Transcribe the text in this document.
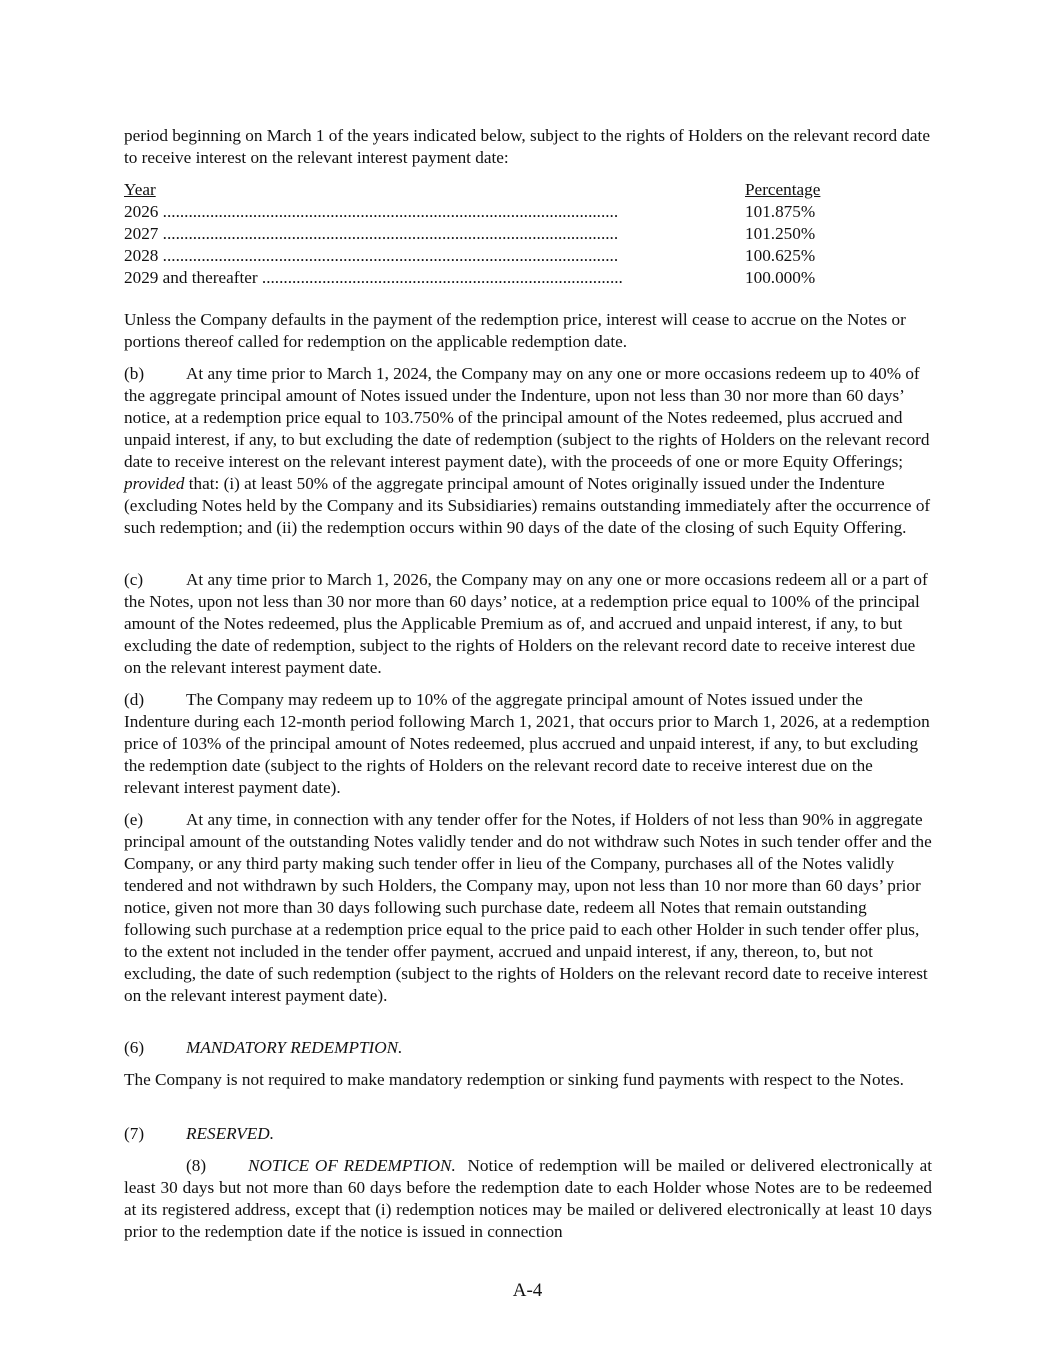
period beginning on March 1 of the years indicated below, subject to the rights of Holders on the relevant record date to receive interest on the relevant interest payment date:

Year	Percentage
2026 ..........................................................................................................	101.875%
2027 ..........................................................................................................	101.250%
2028 ..........................................................................................................	100.625%
2029 and thereafter ....................................................................................	100.000%

Unless the Company defaults in the payment of the redemption price, interest will cease to accrue on the Notes or portions thereof called for redemption on the applicable redemption date.

(b) At any time prior to March 1, 2024, the Company may on any one or more occasions redeem up to 40% of the aggregate principal amount of Notes issued under the Indenture, upon not less than 30 nor more than 60 days’ notice, at a redemption price equal to 103.750% of the principal amount of the Notes redeemed, plus accrued and unpaid interest, if any, to but excluding the date of redemption (subject to the rights of Holders on the relevant record date to receive interest on the relevant interest payment date), with the proceeds of one or more Equity Offerings; provided that: (i) at least 50% of the aggregate principal amount of Notes originally issued under the Indenture (excluding Notes held by the Company and its Subsidiaries) remains outstanding immediately after the occurrence of such redemption; and (ii) the redemption occurs within 90 days of the date of the closing of such Equity Offering.

(c) At any time prior to March 1, 2026, the Company may on any one or more occasions redeem all or a part of the Notes, upon not less than 30 nor more than 60 days’ notice, at a redemption price equal to 100% of the principal amount of the Notes redeemed, plus the Applicable Premium as of, and accrued and unpaid interest, if any, to but excluding the date of redemption, subject to the rights of Holders on the relevant record date to receive interest due on the relevant interest payment date.

(d) The Company may redeem up to 10% of the aggregate principal amount of Notes issued under the Indenture during each 12-month period following March 1, 2021, that occurs prior to March 1, 2026, at a redemption price of 103% of the principal amount of Notes redeemed, plus accrued and unpaid interest, if any, to but excluding the redemption date (subject to the rights of Holders on the relevant record date to receive interest due on the relevant interest payment date).

(e) At any time, in connection with any tender offer for the Notes, if Holders of not less than 90% in aggregate principal amount of the outstanding Notes validly tender and do not withdraw such Notes in such tender offer and the Company, or any third party making such tender offer in lieu of the Company, purchases all of the Notes validly tendered and not withdrawn by such Holders, the Company may, upon not less than 10 nor more than 60 days’ prior notice, given not more than 30 days following such purchase date, redeem all Notes that remain outstanding following such purchase at a redemption price equal to the price paid to each other Holder in such tender offer plus, to the extent not included in the tender offer payment, accrued and unpaid interest, if any, thereon, to, but not excluding, the date of such redemption (subject to the rights of Holders on the relevant record date to receive interest on the relevant interest payment date).

(6) MANDATORY REDEMPTION.

The Company is not required to make mandatory redemption or sinking fund payments with respect to the Notes.

(7) RESERVED.

(8) NOTICE OF REDEMPTION. Notice of redemption will be mailed or delivered electronically at least 30 days but not more than 60 days before the redemption date to each Holder whose Notes are to be redeemed at its registered address, except that (i) redemption notices may be mailed or delivered electronically at least 10 days prior to the redemption date if the notice is issued in connection

A-4
